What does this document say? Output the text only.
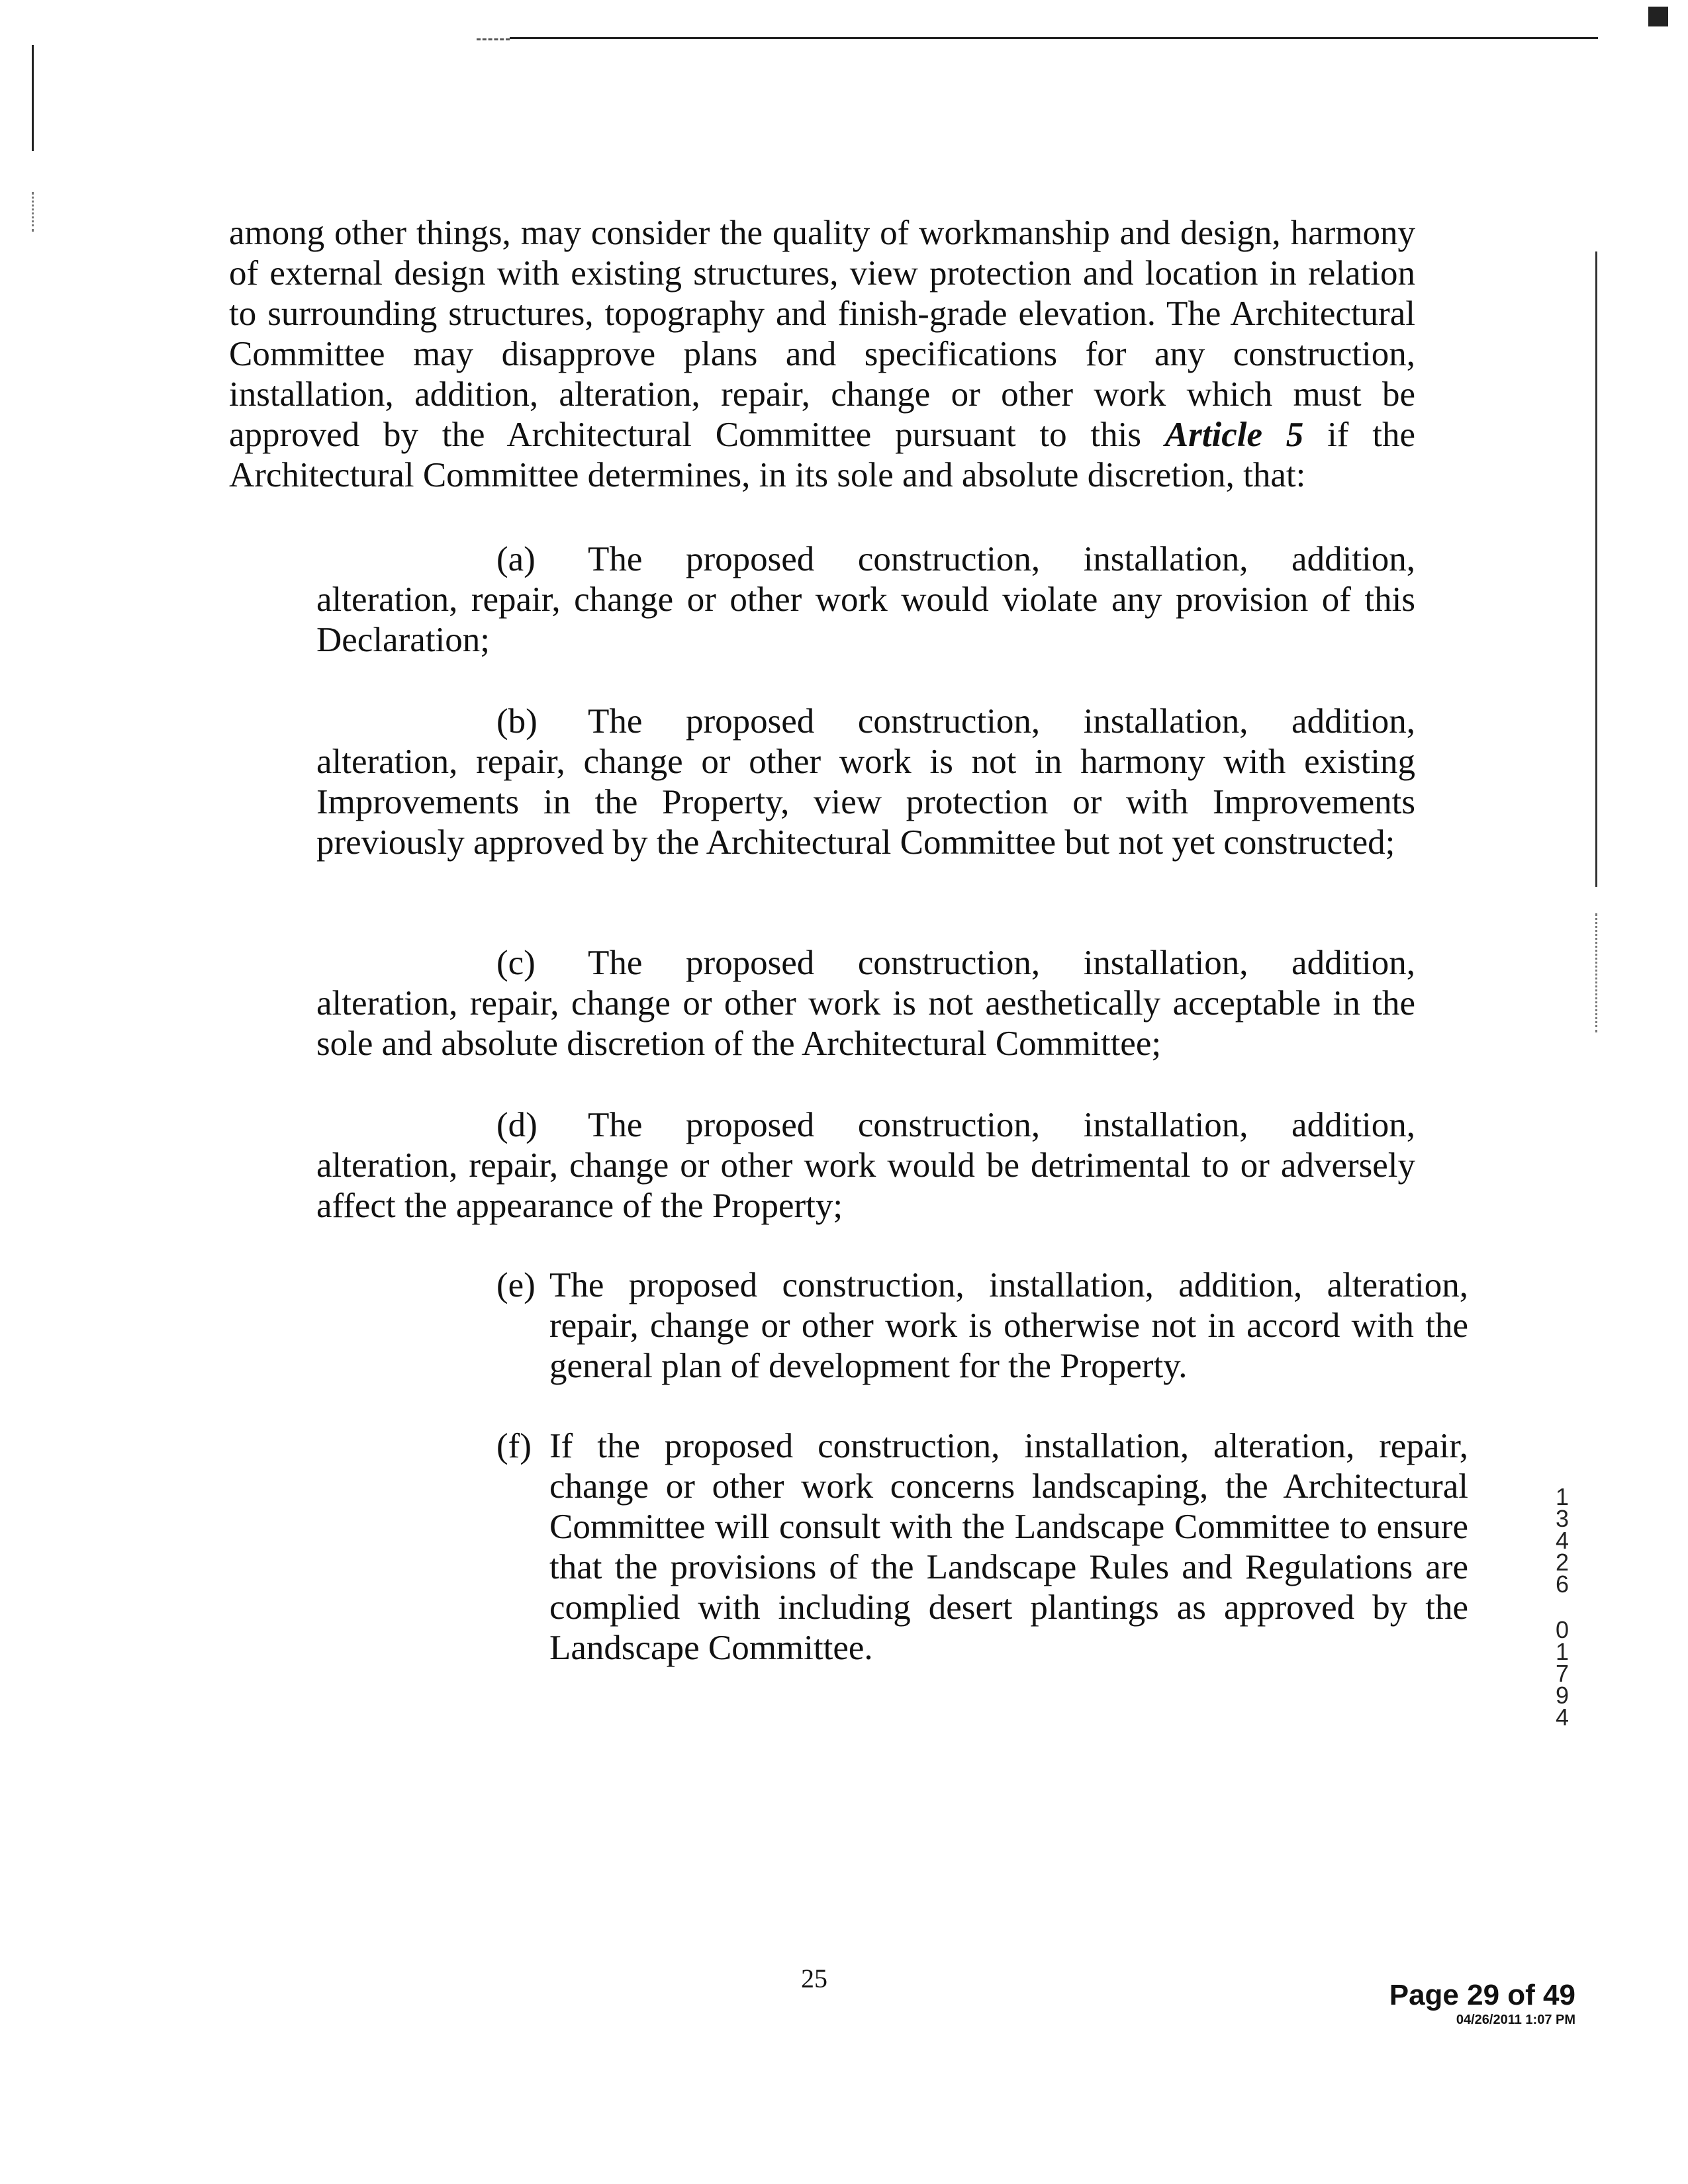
among other things, may consider the quality of workmanship and design, harmony of external design with existing structures, view protection and location in relation to surrounding structures, topography and finish-grade elevation. The Architectural Committee may disapprove plans and specifications for any construction, installation, addition, alteration, repair, change or other work which must be approved by the Architectural Committee pursuant to this Article 5 if the Architectural Committee determines, in its sole and absolute discretion, that:
(a) The proposed construction, installation, addition, alteration, repair, change or other work would violate any provision of this Declaration;
(b) The proposed construction, installation, addition, alteration, repair, change or other work is not in harmony with existing Improvements in the Property, view protection or with Improvements previously approved by the Architectural Committee but not yet constructed;
(c) The proposed construction, installation, addition, alteration, repair, change or other work is not aesthetically acceptable in the sole and absolute discretion of the Architectural Committee;
(d) The proposed construction, installation, addition, alteration, repair, change or other work would be detrimental to or adversely affect the appearance of the Property;
(e) The proposed construction, installation, addition, alteration, repair, change or other work is otherwise not in accord with the general plan of development for the Property.
(f) If the proposed construction, installation, alteration, repair, change or other work concerns landscaping, the Architectural Committee will consult with the Landscape Committee to ensure that the provisions of the Landscape Rules and Regulations are complied with including desert plantings as approved by the Landscape Committee.
1
3
4
2
6
0
1
7
9
4
25
Page 29 of 49
04/26/2011 1:07 PM
